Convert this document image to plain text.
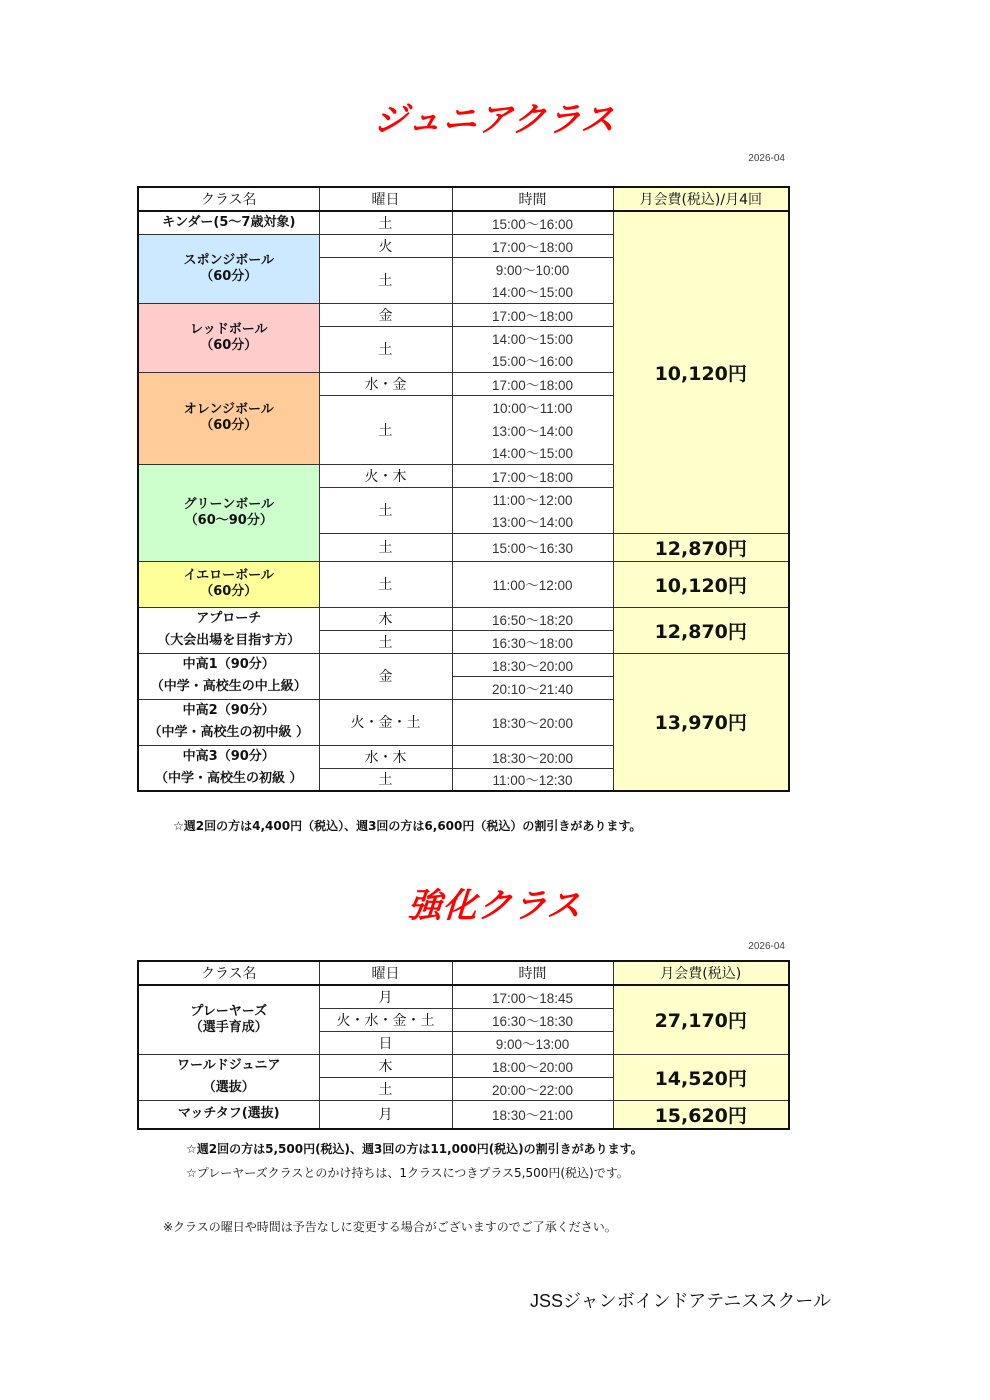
ジュニアクラス
2026-04
クラス名	曜日	時間	月会費(税込)/月4回
キンダー(5～7歳対象)	土	15:00～16:00	10,120円
スポンジボール
（60分）	火	17:00～18:00	
	土	9:00～10:00	
		14:00～15:00	
レッドボール
（60分）	金	17:00～18:00	
	土	14:00～15:00	
		15:00～16:00	
オレンジボール
（60分）	水・金	17:00～18:00	
	土	10:00～11:00	
		13:00～14:00	
		14:00～15:00	
グリーンボール
（60～90分）	火・木	17:00～18:00	
	土	11:00～12:00	
		13:00～14:00	
	土	15:00～16:30	12,870円
イエローボール
（60分）	土	11:00～12:00	10,120円
アプローチ	木	16:50～18:20	12,870円
（大会出場を目指す方）	土	16:30～18:00	
中高1（90分）	金	18:30～20:00	13,970円
（中学・高校生の中上級）		20:10～21:40	
中高2（90分）	火・金・土	18:30～20:00	
（中学・高校生の初中級 ）			
中高3（90分）	水・木	18:30～20:00	
（中学・高校生の初級 ）	土	11:00～12:30	
☆週2回の方は4,400円（税込）、週3回の方は6,600円（税込）の割引きがあります。
強化クラス
2026-04
クラス名	曜日	時間	月会費(税込)
プレーヤーズ
（選手育成）	月	17:00～18:45	27,170円
	火・水・金・土	16:30～18:30	
	日	9:00～13:00	
ワールドジュニア	木	18:00～20:00	14,520円
（選抜）	土	20:00～22:00	
マッチタフ(選抜)	月	18:30～21:00	15,620円
☆週2回の方は5,500円(税込)、週3回の方は11,000円(税込)の割引きがあります。
☆プレーヤーズクラスとのかけ持ちは、1クラスにつきプラス5,500円(税込)です。
※クラスの曜日や時間は予告なしに変更する場合がございますのでご了承ください。
JSSジャンボインドアテニススクール
